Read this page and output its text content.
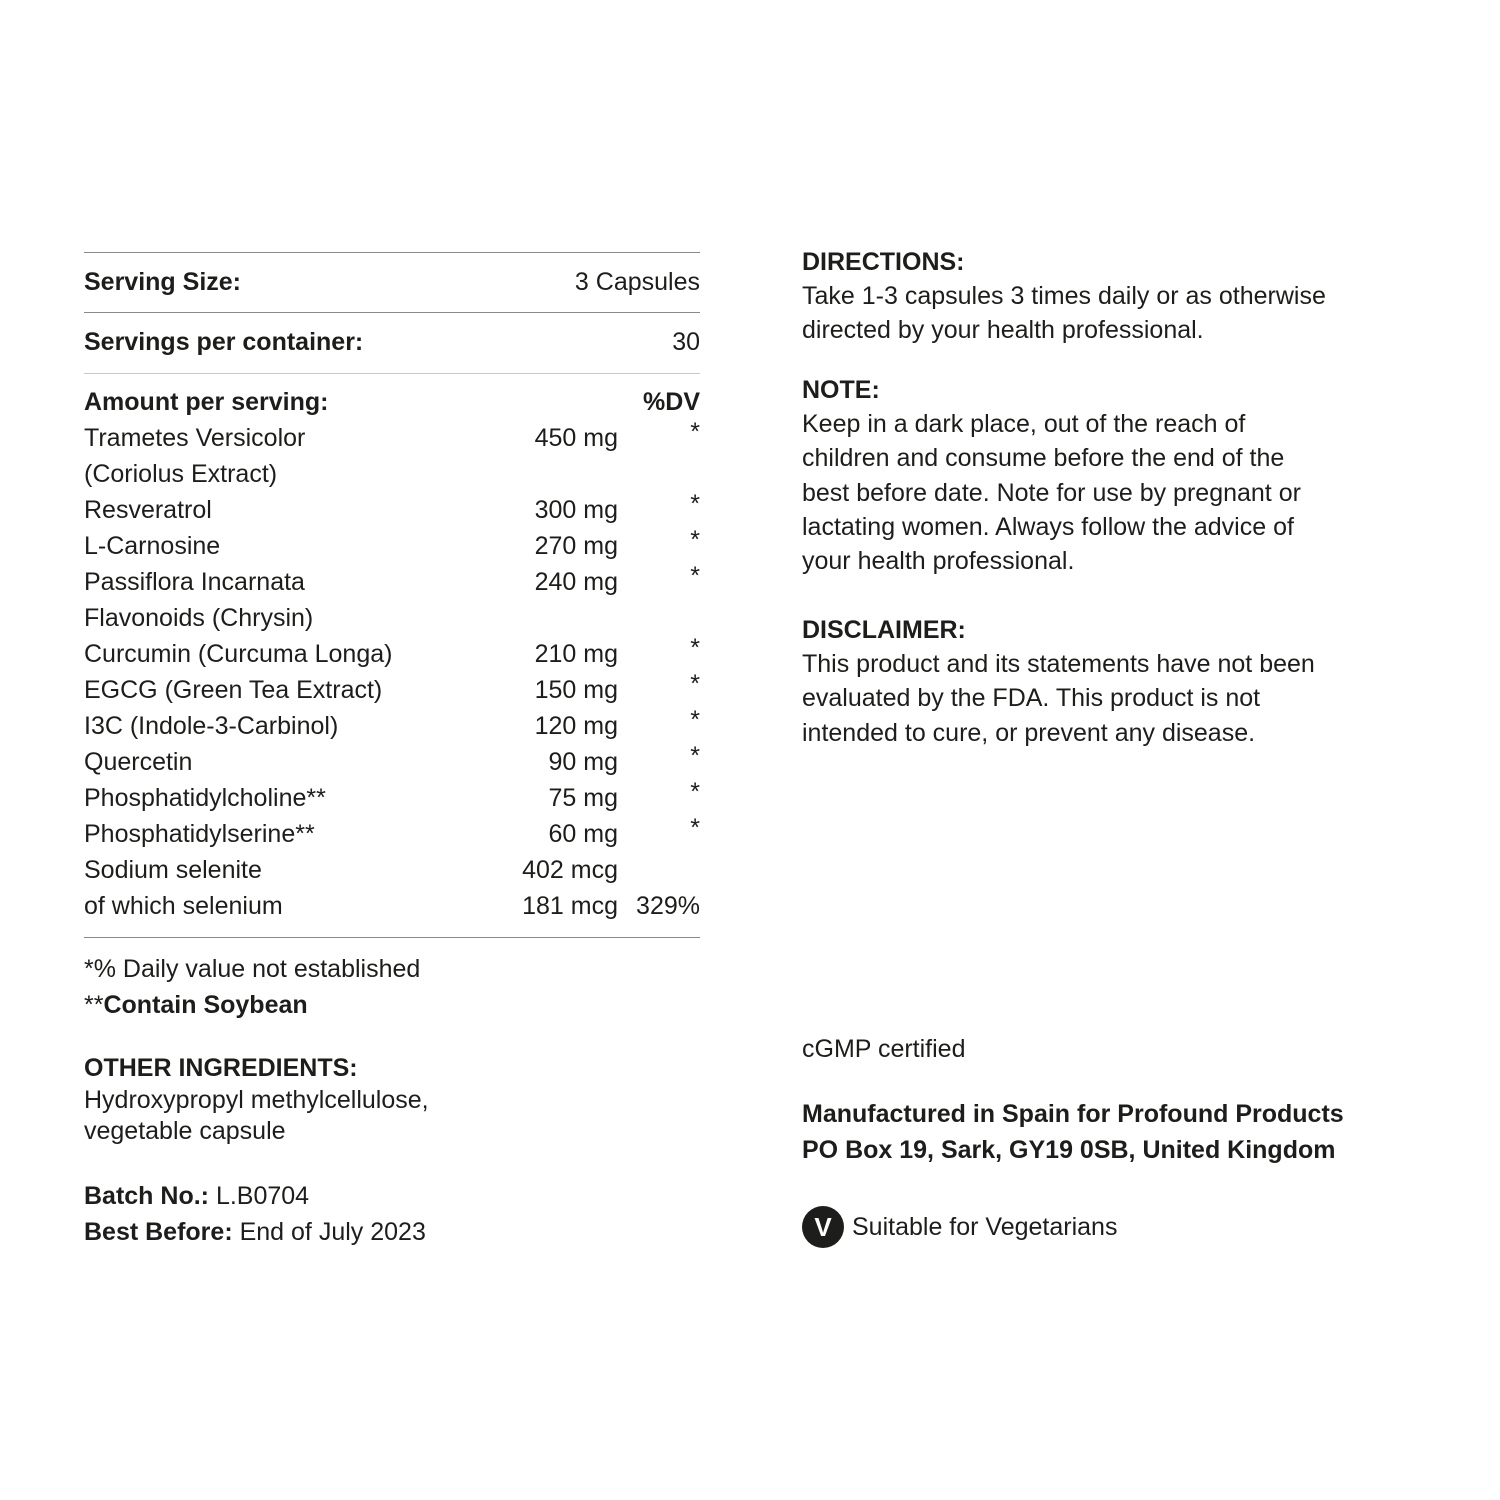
Serving Size:	3 Capsules
Servings per container:	30
Amount per serving:	%DV
Trametes Versicolor	450 mg	*
(Coriolus Extract)
Resveratrol	300 mg	*
L-Carnosine	270 mg	*
Passiflora Incarnata	240 mg	*
Flavonoids (Chrysin)
Curcumin (Curcuma Longa)	210 mg	*
EGCG (Green Tea Extract)	150 mg	*
I3C (Indole-3-Carbinol)	120 mg	*
Quercetin	90 mg	*
Phosphatidylcholine**	75 mg	*
Phosphatidylserine**	60 mg	*
Sodium selenite	402 mcg
of which selenium	181 mcg 329%
*% Daily value not established
**Contain Soybean
OTHER INGREDIENTS:
Hydroxypropyl methylcellulose,
vegetable capsule
Batch No.: L.B0704
Best Before: End of July 2023
DIRECTIONS:
Take 1-3 capsules 3 times daily or as otherwise
directed by your health professional.
NOTE:
Keep in a dark place, out of the reach of
children and consume before the end of the
best before date. Note for use by pregnant or
lactating women. Always follow the advice of
your health professional.
DISCLAIMER:
This product and its statements have not been
evaluated by the FDA. This product is not
intended to cure, or prevent any disease.
cGMP certified
Manufactured in Spain for Profound Products
PO Box 19, Sark, GY19 0SB, United Kingdom
V Suitable for Vegetarians
